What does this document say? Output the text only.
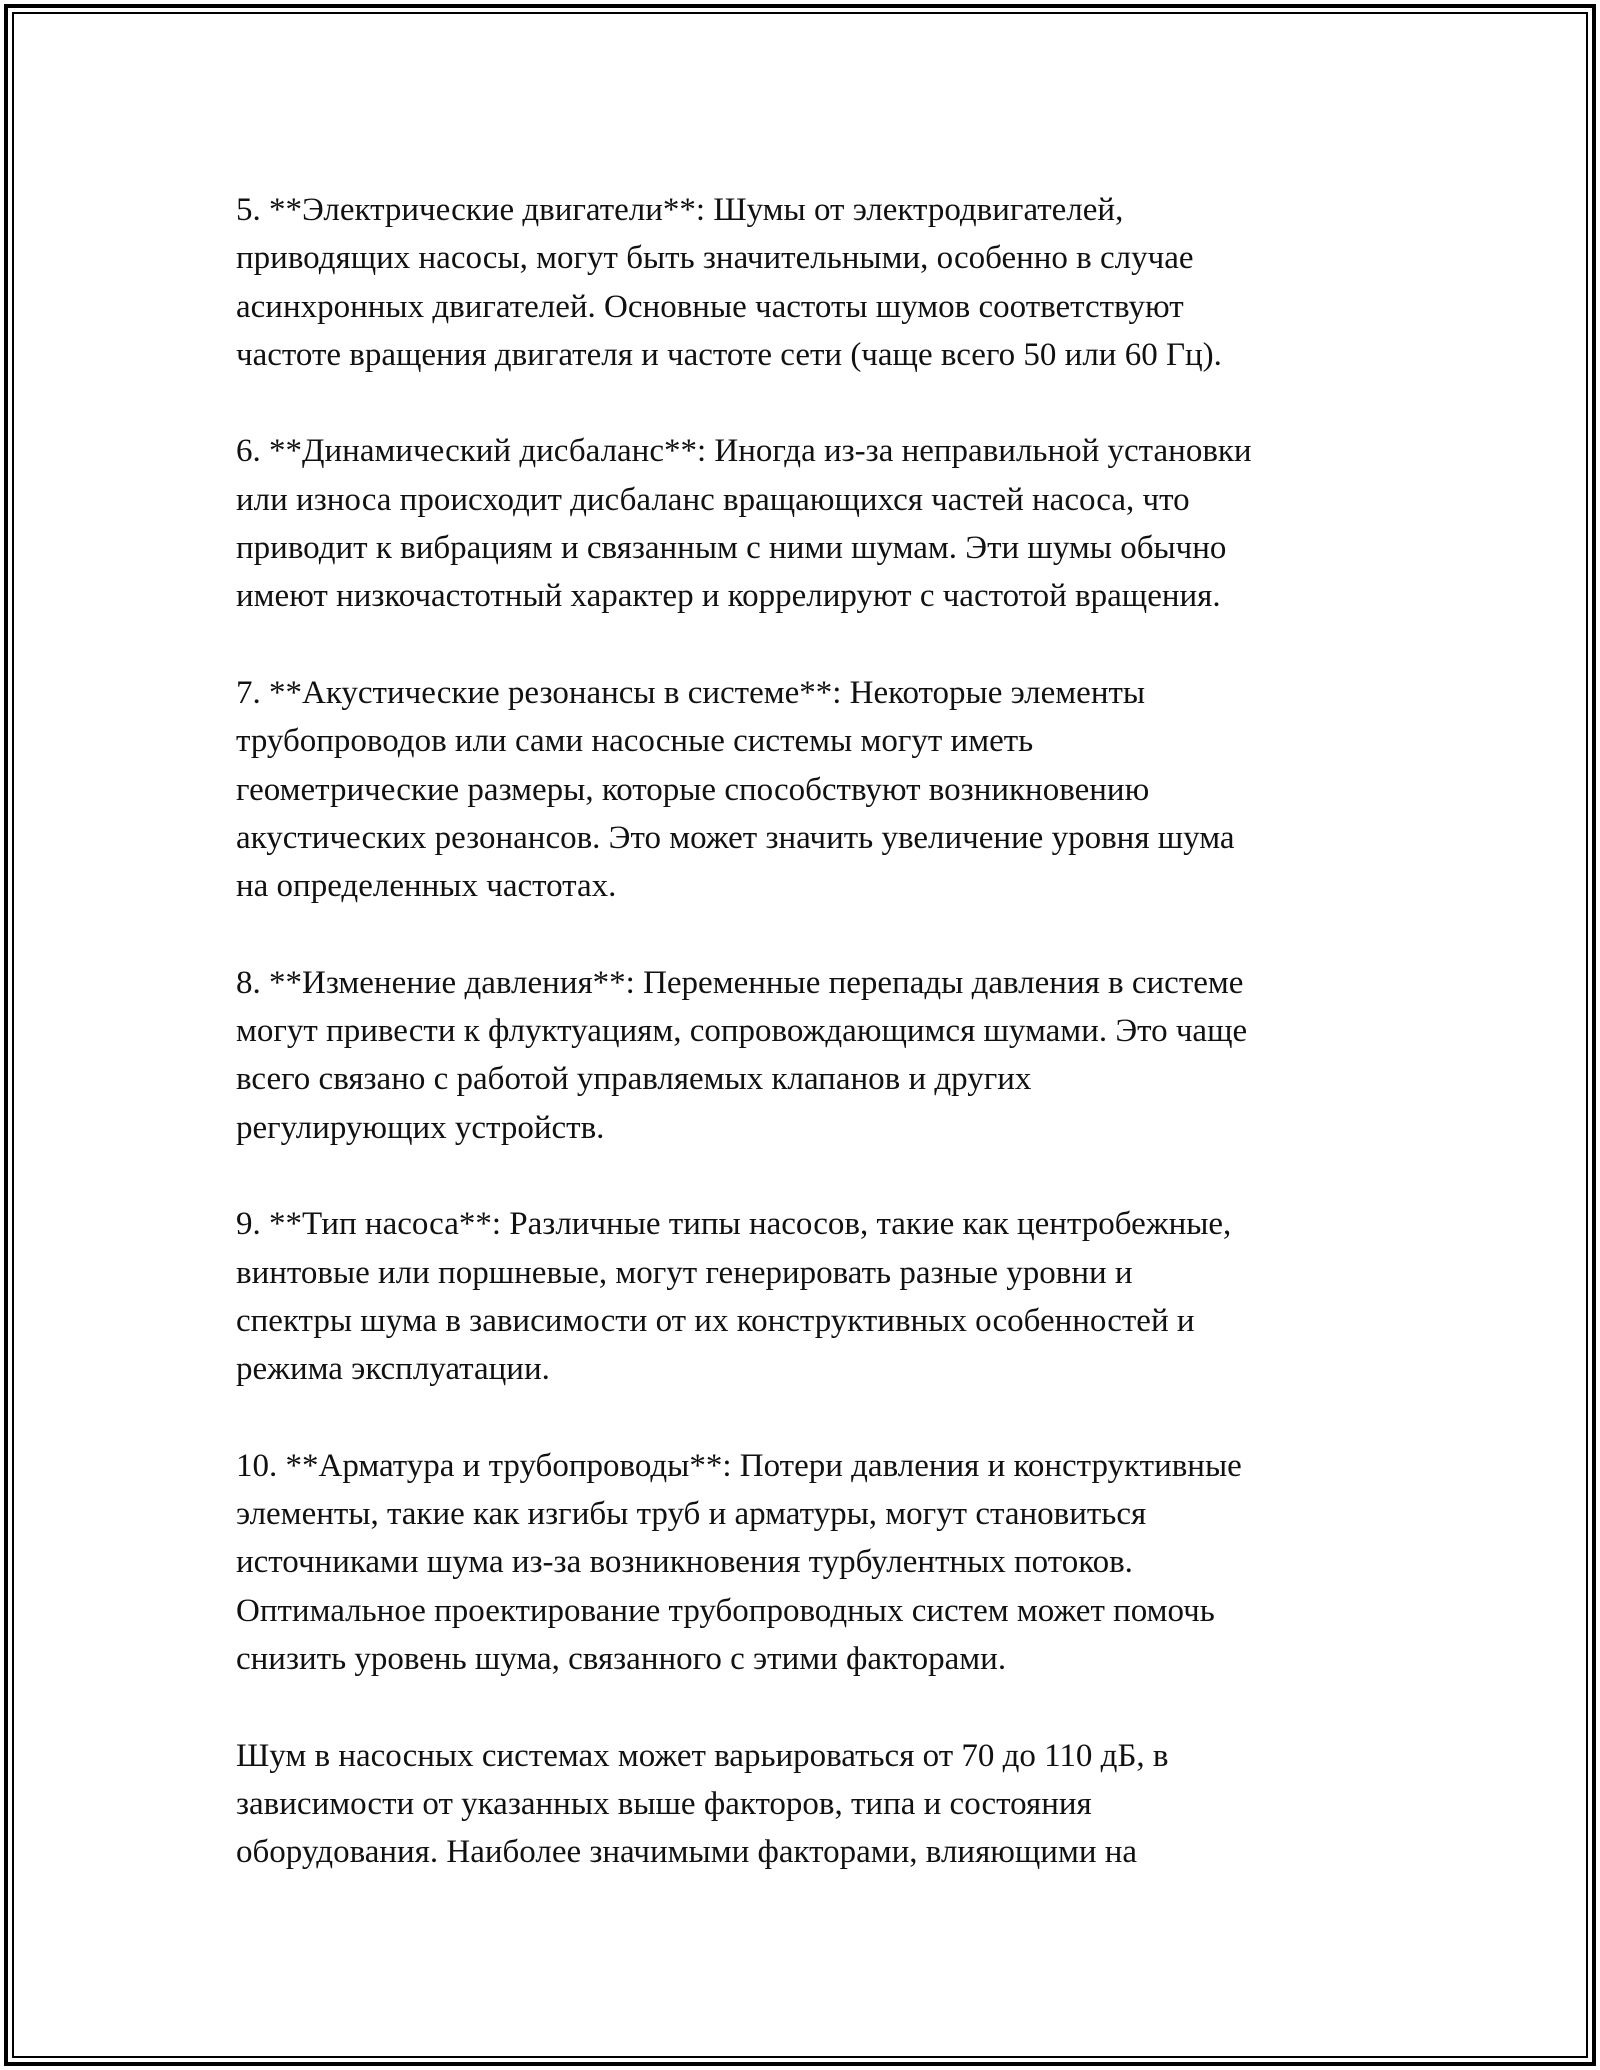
5. **Электрические двигатели**: Шумы от электродвигателей,
приводящих насосы, могут быть значительными, особенно в случае
асинхронных двигателей. Основные частоты шумов соответствуют
частоте вращения двигателя и частоте сети (чаще всего 50 или 60 Гц).

6. **Динамический дисбаланс**: Иногда из-за неправильной установки
или износа происходит дисбаланс вращающихся частей насоса, что
приводит к вибрациям и связанным с ними шумам. Эти шумы обычно
имеют низкочастотный характер и коррелируют с частотой вращения.

7. **Акустические резонансы в системе**: Некоторые элементы
трубопроводов или сами насосные системы могут иметь
геометрические размеры, которые способствуют возникновению
акустических резонансов. Это может значить увеличение уровня шума
на определенных частотах.

8. **Изменение давления**: Переменные перепады давления в системе
могут привести к флуктуациям, сопровождающимся шумами. Это чаще
всего связано с работой управляемых клапанов и других
регулирующих устройств.

9. **Тип насоса**: Различные типы насосов, такие как центробежные,
винтовые или поршневые, могут генерировать разные уровни и
спектры шума в зависимости от их конструктивных особенностей и
режима эксплуатации.

10. **Арматура и трубопроводы**: Потери давления и конструктивные
элементы, такие как изгибы труб и арматуры, могут становиться
источниками шума из-за возникновения турбулентных потоков.
Оптимальное проектирование трубопроводных систем может помочь
снизить уровень шума, связанного с этими факторами.

Шум в насосных системах может варьироваться от 70 до 110 дБ, в
зависимости от указанных выше факторов, типа и состояния
оборудования. Наиболее значимыми факторами, влияющими на
